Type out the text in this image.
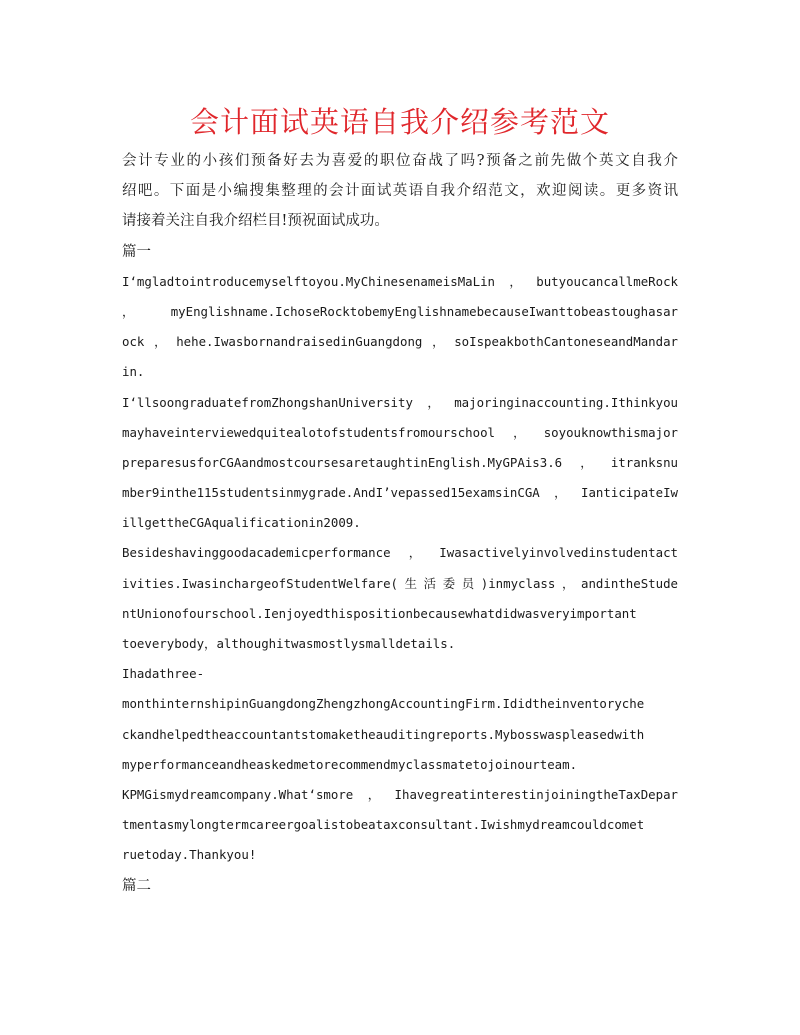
会计面试英语自我介绍参考范文
会计专业的小孩们预备好去为喜爱的职位奋战了吗?预备之前先做个英文自我介
绍吧。下面是小编搜集整理的会计面试英语自我介绍范文，欢迎阅读。更多资讯
请接着关注自我介绍栏目!预祝面试成功。
篇一
I‘mgladtointroducemyselftoyou.MyChinesenameisMaLin，butyoucancallmeRock
，myEnglishname.IchoseRocktobemyEnglishnamebecauseIwanttobeastoughasar
ock，hehe.IwasbornandraisedinGuangdong，soIspeakbothCantoneseandMandar
in.
I‘llsoongraduatefromZhongshanUniversity，majoringinaccounting.Ithinkyou
mayhaveinterviewedquitealotofstudentsfromourschool，soyouknowthismajor
preparesusforCGAandmostcoursesaretaughtinEnglish.MyGPAis3.6，itranksnu
mber9inthe115studentsinmygrade.AndI’vepassed15examsinCGA，IanticipateIw
illgettheCGAqualificationin2009.
Besideshavinggoodacademicperformance，Iwasactivelyinvolvedinstudentact
ivities.IwasinchargeofStudentWelfare(生活委员)inmyclass，andintheStude
ntUnionofourschool.Ienjoyedthispositionbecausewhatdidwasveryimportant
toeverybody，althoughitwasmostlysmalldetails.
Ihadathree-
monthinternshipinGuangdongZhengzhongAccountingFirm.Ididtheinventoryche
ckandhelpedtheaccountantstomaketheauditingreports.Mybosswaspleasedwith
myperformanceandheaskedmetorecommendmyclassmatetojoinourteam.
KPMGismydreamcompany.What‘smore，IhavegreatinterestinjoiningtheTaxDepar
tmentasmylongtermcareergoalistobeataxconsultant.Iwishmydreamcouldcomet
ruetoday.Thankyou!
篇二
